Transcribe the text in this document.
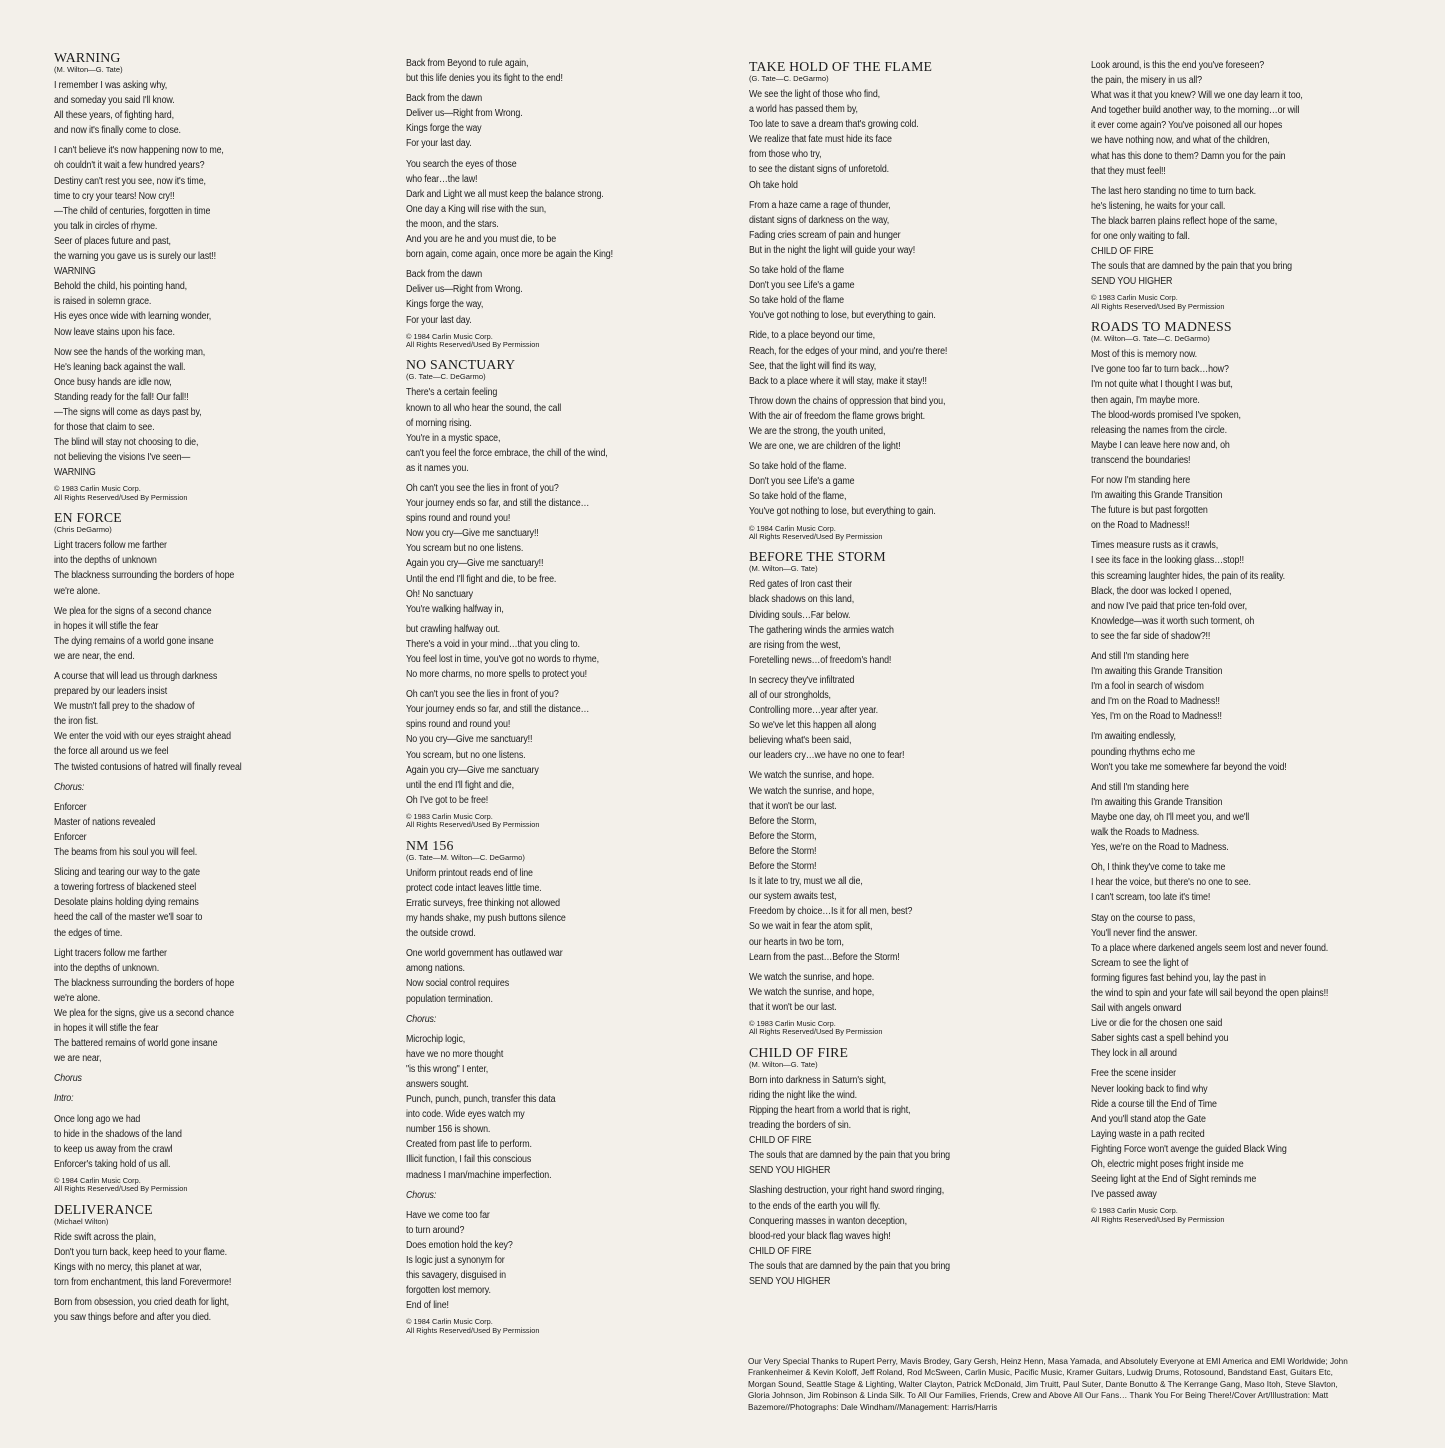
WARNING
(M. Wilton—G. Tate)
I remember I was asking why,
and someday you said I'll know.
All these years, of fighting hard,
and now it's finally come to close.
I can't believe it's now happening now to me,
oh couldn't it wait a few hundred years?
Destiny can't rest you see, now it's time,
time to cry your tears! Now cry!!
—The child of centuries, forgotten in time
you talk in circles of rhyme.
Seer of places future and past,
the warning you gave us is surely our last!!
WARNING
Behold the child, his pointing hand,
is raised in solemn grace.
His eyes once wide with learning wonder,
Now leave stains upon his face.
Now see the hands of the working man,
He's leaning back against the wall.
Once busy hands are idle now,
Standing ready for the fall! Our fall!!
—The signs will come as days past by,
for those that claim to see.
The blind will stay not choosing to die,
not believing the visions I've seen—
WARNING
© 1983 Carlin Music Corp.
All Rights Reserved/Used By Permission
EN FORCE
(Chris DeGarmo)
Light tracers follow me farther
into the depths of unknown
The blackness surrounding the borders of hope
we're alone.
We plea for the signs of a second chance
in hopes it will stifle the fear
The dying remains of a world gone insane
we are near, the end.
A course that will lead us through darkness
prepared by our leaders insist
We mustn't fall prey to the shadow of
the iron fist.
We enter the void with our eyes straight ahead
the force all around us we feel
The twisted contusions of hatred will finally reveal
Chorus:
Enforcer
Master of nations revealed
Enforcer
The beams from his soul you will feel.
Slicing and tearing our way to the gate
a towering fortress of blackened steel
Desolate plains holding dying remains
heed the call of the master we'll soar to
the edges of time.
Light tracers follow me farther
into the depths of unknown.
The blackness surrounding the borders of hope
we're alone.
We plea for the signs, give us a second chance
in hopes it will stifle the fear
The battered remains of world gone insane
we are near,
Chorus
Intro:
Once long ago we had
to hide in the shadows of the land
to keep us away from the crawl
Enforcer's taking hold of us all.
© 1984 Carlin Music Corp.
All Rights Reserved/Used By Permission
DELIVERANCE
(Michael Wilton)
Ride swift across the plain,
Don't you turn back, keep heed to your flame.
Kings with no mercy, this planet at war,
torn from enchantment, this land Forevermore!
Born from obsession, you cried death for light,
you saw things before and after you died.
Back from Beyond to rule again,
but this life denies you its fight to the end!
Back from the dawn
Deliver us—Right from Wrong.
Kings forge the way
For your last day.
You search the eyes of those
who fear…the law!
Dark and Light we all must keep the balance strong.
One day a King will rise with the sun,
the moon, and the stars.
And you are he and you must die, to be
born again, come again, once more be again the King!
Back from the dawn
Deliver us—Right from Wrong.
Kings forge the way,
For your last day.
© 1984 Carlin Music Corp.
All Rights Reserved/Used By Permission
NO SANCTUARY
(G. Tate—C. DeGarmo)
There's a certain feeling
known to all who hear the sound, the call
of morning rising.
You're in a mystic space,
can't you feel the force embrace, the chill of the wind,
as it names you.
Oh can't you see the lies in front of you?
Your journey ends so far, and still the distance…
spins round and round you!
Now you cry—Give me sanctuary!!
You scream but no one listens.
Again you cry—Give me sanctuary!!
Until the end I'll fight and die, to be free.
Oh! No sanctuary
You're walking halfway in,
but crawling halfway out.
There's a void in your mind…that you cling to.
You feel lost in time, you've got no words to rhyme,
No more charms, no more spells to protect you!
Oh can't you see the lies in front of you?
Your journey ends so far, and still the distance…
spins round and round you!
No you cry—Give me sanctuary!!
You scream, but no one listens.
Again you cry—Give me sanctuary
until the end I'll fight and die,
Oh I've got to be free!
© 1983 Carlin Music Corp.
All Rights Reserved/Used By Permission
NM 156
(G. Tate—M. Wilton—C. DeGarmo)
Uniform printout reads end of line
protect code intact leaves little time.
Erratic surveys, free thinking not allowed
my hands shake, my push buttons silence
the outside crowd.
One world government has outlawed war
among nations.
Now social control requires
population termination.
Chorus:
Microchip logic,
have we no more thought
"is this wrong" I enter,
answers sought.
Punch, punch, punch, transfer this data
into code. Wide eyes watch my
number 156 is shown.
Created from past life to perform.
Illicit function, I fail this conscious
madness I man/machine imperfection.
Chorus:
Have we come too far
to turn around?
Does emotion hold the key?
Is logic just a synonym for
this savagery, disguised in
forgotten lost memory.
End of line!
© 1984 Carlin Music Corp.
All Rights Reserved/Used By Permission
TAKE HOLD OF THE FLAME
(G. Tate—C. DeGarmo)
We see the light of those who find,
a world has passed them by,
Too late to save a dream that's growing cold.
We realize that fate must hide its face
from those who try,
to see the distant signs of unforetold.
Oh take hold
From a haze came a rage of thunder,
distant signs of darkness on the way,
Fading cries scream of pain and hunger
But in the night the light will guide your way!
So take hold of the flame
Don't you see Life's a game
So take hold of the flame
You've got nothing to lose, but everything to gain.
Ride, to a place beyond our time,
Reach, for the edges of your mind, and you're there!
See, that the light will find its way,
Back to a place where it will stay, make it stay!!
Throw down the chains of oppression that bind you,
With the air of freedom the flame grows bright.
We are the strong, the youth united,
We are one, we are children of the light!
So take hold of the flame.
Don't you see Life's a game
So take hold of the flame,
You've got nothing to lose, but everything to gain.
© 1984 Carlin Music Corp.
All Rights Reserved/Used By Permission
BEFORE THE STORM
(M. Wilton—G. Tate)
Red gates of Iron cast their
black shadows on this land,
Dividing souls…Far below.
The gathering winds the armies watch
are rising from the west,
Foretelling news…of freedom's hand!
In secrecy they've infiltrated
all of our strongholds,
Controlling more…year after year.
So we've let this happen all along
believing what's been said,
our leaders cry…we have no one to fear!
We watch the sunrise, and hope.
We watch the sunrise, and hope,
that it won't be our last.
Before the Storm,
Before the Storm,
Before the Storm!
Before the Storm!
Is it late to try, must we all die,
our system awaits test,
Freedom by choice…Is it for all men, best?
So we wait in fear the atom split,
our hearts in two be torn,
Learn from the past…Before the Storm!
We watch the sunrise, and hope.
We watch the sunrise, and hope,
that it won't be our last.
© 1983 Carlin Music Corp.
All Rights Reserved/Used By Permission
CHILD OF FIRE
(M. Wilton—G. Tate)
Born into darkness in Saturn's sight,
riding the night like the wind.
Ripping the heart from a world that is right,
treading the borders of sin.
CHILD OF FIRE
The souls that are damned by the pain that you bring
SEND YOU HIGHER
Slashing destruction, your right hand sword ringing,
to the ends of the earth you will fly.
Conquering masses in wanton deception,
blood-red your black flag waves high!
CHILD OF FIRE
The souls that are damned by the pain that you bring
SEND YOU HIGHER
Look around, is this the end you've foreseen?
the pain, the misery in us all?
What was it that you knew? Will we one day learn it too,
And together build another way, to the morning…or will
it ever come again? You've poisoned all our hopes
we have nothing now, and what of the children,
what has this done to them? Damn you for the pain
that they must feel!!
The last hero standing no time to turn back.
he's listening, he waits for your call.
The black barren plains reflect hope of the same,
for one only waiting to fall.
CHILD OF FIRE
The souls that are damned by the pain that you bring
SEND YOU HIGHER
© 1983 Carlin Music Corp.
All Rights Reserved/Used By Permission
ROADS TO MADNESS
(M. Wilton—G. Tate—C. DeGarmo)
Most of this is memory now.
I've gone too far to turn back…how?
I'm not quite what I thought I was but,
then again, I'm maybe more.
The blood-words promised I've spoken,
releasing the names from the circle.
Maybe I can leave here now and, oh
transcend the boundaries!
For now I'm standing here
I'm awaiting this Grande Transition
The future is but past forgotten
on the Road to Madness!!
Times measure rusts as it crawls,
I see its face in the looking glass…stop!!
this screaming laughter hides, the pain of its reality.
Black, the door was locked I opened,
and now I've paid that price ten-fold over,
Knowledge—was it worth such torment, oh
to see the far side of shadow?!!
And still I'm standing here
I'm awaiting this Grande Transition
I'm a fool in search of wisdom
and I'm on the Road to Madness!!
Yes, I'm on the Road to Madness!!
I'm awaiting endlessly,
pounding rhythms echo me
Won't you take me somewhere far beyond the void!
And still I'm standing here
I'm awaiting this Grande Transition
Maybe one day, oh I'll meet you, and we'll
walk the Roads to Madness.
Yes, we're on the Road to Madness.
Oh, I think they've come to take me
I hear the voice, but there's no one to see.
I can't scream, too late it's time!
Stay on the course to pass,
You'll never find the answer.
To a place where darkened angels seem lost and never found.
Scream to see the light of
forming figures fast behind you, lay the past in
the wind to spin and your fate will sail beyond the open plains!!
Sail with angels onward
Live or die for the chosen one said
Saber sights cast a spell behind you
They lock in all around
Free the scene insider
Never looking back to find why
Ride a course till the End of Time
And you'll stand atop the Gate
Laying waste in a path recited
Fighting Force won't avenge the guided Black Wing
Oh, electric might poses fright inside me
Seeing light at the End of Sight reminds me
I've passed away
© 1983 Carlin Music Corp.
All Rights Reserved/Used By Permission
Our Very Special Thanks to Rupert Perry, Mavis Brodey, Gary Gersh, Heinz Henn, Masa Yamada, and Absolutely Everyone at EMI America and EMI Worldwide; John Frankenheimer & Kevin Koloff, Jeff Roland, Rod McSween, Carlin Music, Pacific Music, Kramer Guitars, Ludwig Drums, Rotosound, Bandstand East, Guitars Etc, Morgan Sound, Seattle Stage & Lighting, Walter Clayton, Patrick McDonald, Jim Truitt, Paul Suter, Dante Bonutto & The Kerrange Gang, Maso Itoh, Steve Slavton, Gloria Johnson, Jim Robinson & Linda Silk. To All Our Families, Friends, Crew and Above All Our Fans… Thank You For Being There!/Cover Art/Illustration: Matt Bazemore//Photographs: Dale Windham//Management: Harris/Harris
